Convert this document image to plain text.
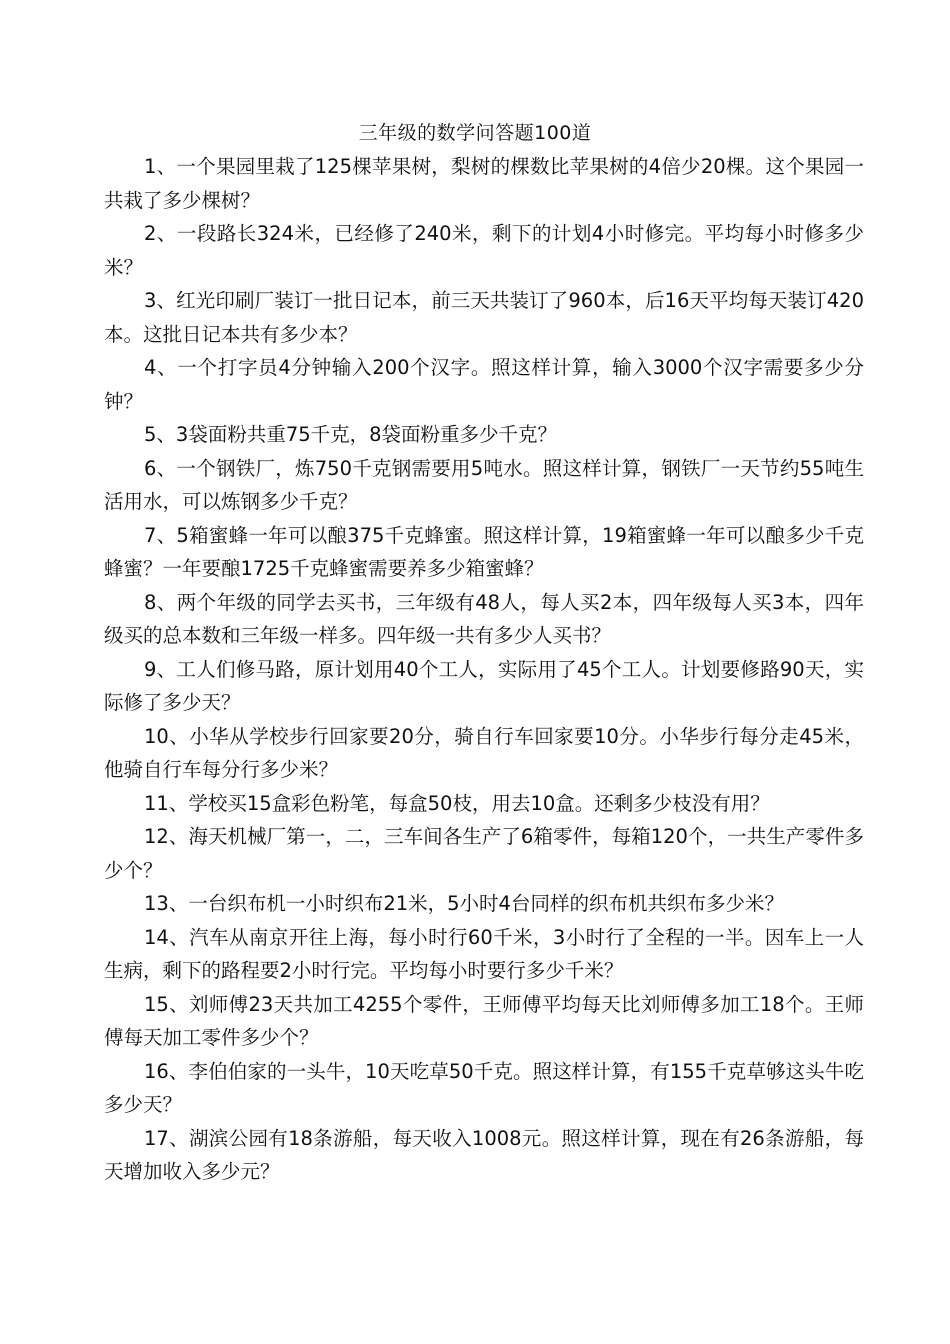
三年级的数学问答题100道
1、一个果园里栽了125棵苹果树，梨树的棵数比苹果树的4倍少20棵。这个果园一共栽了多少棵树？
2、一段路长324米，已经修了240米，剩下的计划4小时修完。平均每小时修多少米？
3、红光印刷厂装订一批日记本，前三天共装订了960本，后16天平均每天装订420本。这批日记本共有多少本？
4、一个打字员4分钟输入200个汉字。照这样计算，输入3000个汉字需要多少分钟？
5、3袋面粉共重75千克，8袋面粉重多少千克？
6、一个钢铁厂，炼750千克钢需要用5吨水。照这样计算，钢铁厂一天节约55吨生活用水，可以炼钢多少千克？
7、5箱蜜蜂一年可以酿375千克蜂蜜。照这样计算，19箱蜜蜂一年可以酿多少千克蜂蜜？一年要酿1725千克蜂蜜需要养多少箱蜜蜂？
8、两个年级的同学去买书，三年级有48人，每人买2本，四年级每人买3本，四年级买的总本数和三年级一样多。四年级一共有多少人买书？
9、工人们修马路，原计划用40个工人，实际用了45个工人。计划要修路90天，实际修了多少天？
10、小华从学校步行回家要20分，骑自行车回家要10分。小华步行每分走45米，他骑自行车每分行多少米？
11、学校买15盒彩色粉笔，每盒50枝，用去10盒。还剩多少枝没有用？
12、海天机械厂第一，二，三车间各生产了6箱零件，每箱120个，一共生产零件多少个？
13、一台织布机一小时织布21米，5小时4台同样的织布机共织布多少米？
14、汽车从南京开往上海，每小时行60千米，3小时行了全程的一半。因车上一人生病，剩下的路程要2小时行完。平均每小时要行多少千米？
15、刘师傅23天共加工4255个零件，王师傅平均每天比刘师傅多加工18个。王师傅每天加工零件多少个？
16、李伯伯家的一头牛，10天吃草50千克。照这样计算，有155千克草够这头牛吃多少天？
17、湖滨公园有18条游船，每天收入1008元。照这样计算，现在有26条游船，每天增加收入多少元？
